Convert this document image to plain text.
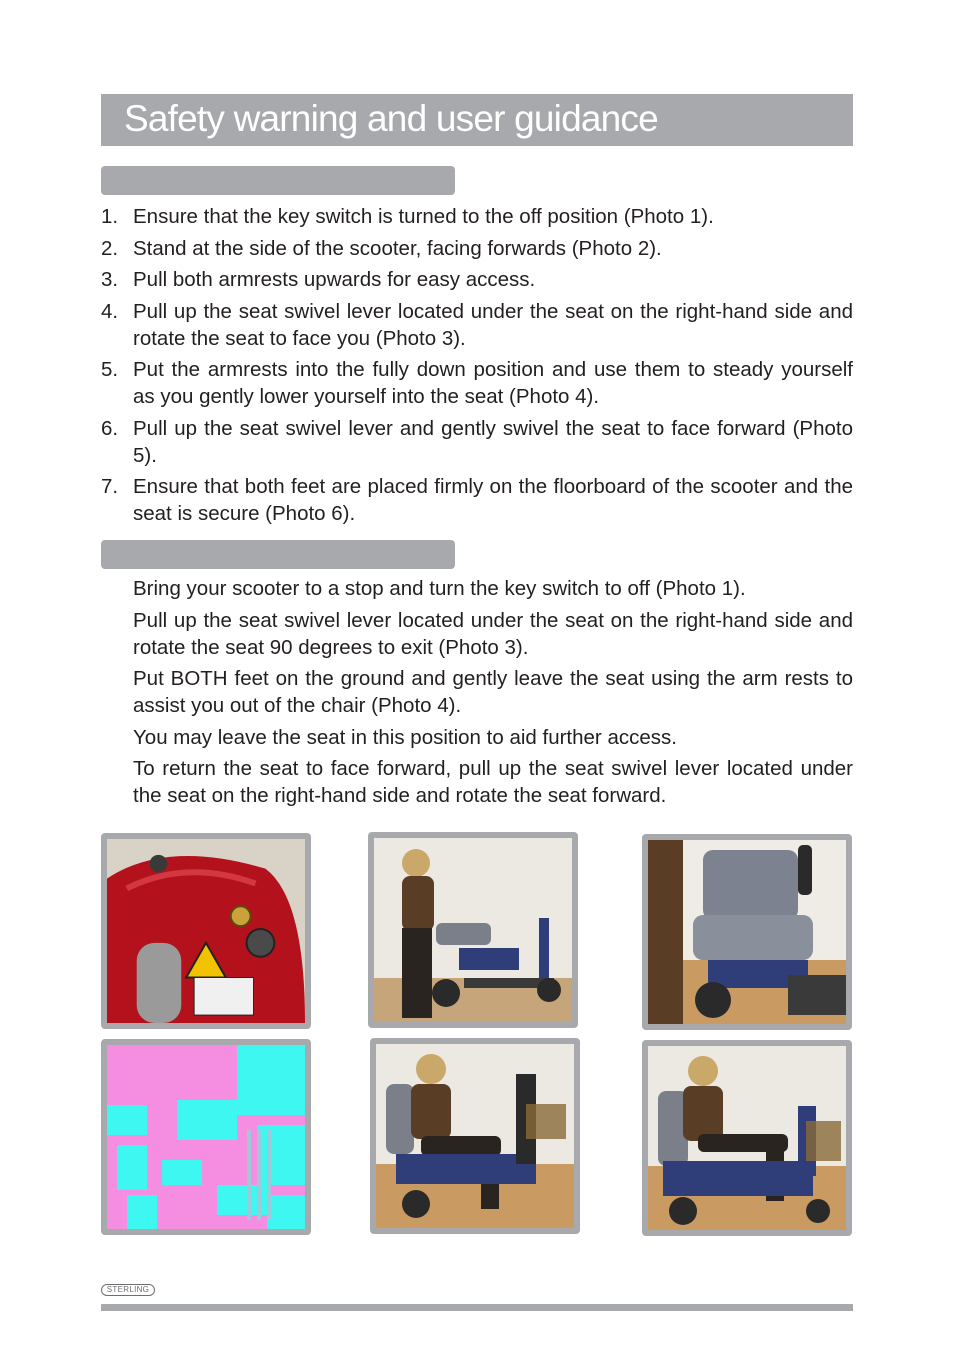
Safety warning and user guidance
1. Ensure that the key switch is turned to the off position (Photo 1).
2. Stand at the side of the scooter, facing forwards (Photo 2).
3. Pull both armrests upwards for easy access.
4. Pull up the seat swivel lever located under the seat on the right-hand side and rotate the seat to face you (Photo 3).
5. Put the armrests into the fully down position and use them to steady yourself as you gently lower yourself into the seat (Photo 4).
6. Pull up the seat swivel lever and gently swivel the seat to face forward (Photo 5).
7. Ensure that both feet are placed firmly on the floorboard of the scooter and the seat is secure (Photo 6).
Bring your scooter to a stop and turn the key switch to off (Photo 1).
Pull up the seat swivel lever located under the seat on the right-hand side and rotate the seat 90 degrees to exit (Photo 3).
Put BOTH feet on the ground and gently leave the seat using the arm rests to assist you out of the chair (Photo 4).
You may leave the seat in this position to aid further access.
To return the seat to face forward, pull up the seat swivel lever located under the seat on the right-hand side and rotate the seat forward.
STERLING
